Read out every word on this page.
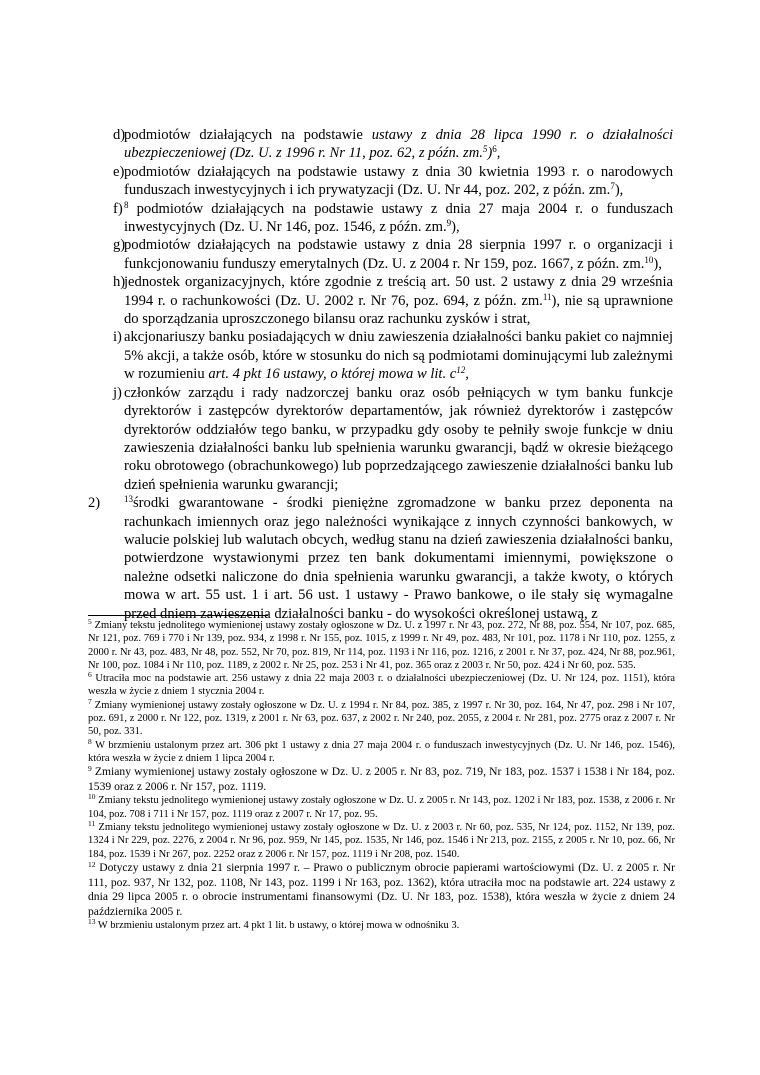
d)
podmiotów działających na podstawie ustawy z dnia 28 lipca 1990 r. o działalności ubezpieczeniowej (Dz. U. z 1996 r. Nr 11, poz. 62, z późn. zm.$^5$)$^6$,
e) podmiotów działających na podstawie ustawy z dnia 30 kwietnia 1993 r. o narodowych funduszach inwestycyjnych i ich prywatyzacji (Dz. U. Nr 44, poz. 202, z późn. zm.$^7$),
f) $^8$ podmiotów działających na podstawie ustawy z dnia 27 maja 2004 r. o funduszach inwestycyjnych (Dz. U. Nr 146, poz. 1546, z późn. zm.$^9$),
g)
podmiotów działających na podstawie ustawy z dnia 28 sierpnia 1997 r. o organizacji i funkcjonowaniu funduszy emerytalnych (Dz. U. z 2004 r. Nr 159, poz. 1667, z późn. zm.$^{10}$),
h)
jednostek organizacyjnych, które zgodnie z treścią art. 50 ust. 2 ustawy z dnia 29 września 1994 r. o rachunkowości (Dz. U. 2002 r. Nr 76, poz. 694, z późn. zm.$^{11}$), nie są uprawnione do sporządzania uproszczonego bilansu oraz rachunku zysków i strat,
i) akcjonariuszy banku posiadających w dniu zawieszenia działalności banku pakiet co najmniej 5% akcji, a także osób, które w stosunku do nich są podmiotami dominującymi lub zależnymi w rozumieniu art. 4 pkt 16 ustawy, o której mowa w lit. $c^{12}$,
j) członków zarządu i rady nadzorczej banku oraz osób pełniących w tym banku funkcje dyrektorów i zastępców dyrektorów departamentów, jak również dyrektorów i zastępców dyrektorów oddziałów tego banku, w przypadku gdy osoby te pełniły swoje funkcje w dniu zawieszenia działalności banku lub spełnienia warunku gwarancji, bądź w okresie bieżącego roku obrotowego (obrachunkowego) lub poprzedzającego zawieszenie działalności banku lub dzień spełnienia warunku gwarancji;
2)	$^{13}$środki gwarantowane - środki pieniężne zgromadzone w banku przez deponenta na rachunkach imiennych oraz jego należności wynikające z innych czynności bankowych, w walucie polskiej lub walutach obcych, według stanu na dzień zawieszenia działalności banku, potwierdzone wystawionymi przez ten bank dokumentami imiennymi, powiększone o należne odsetki naliczone do dnia spełnienia warunku gwarancji, a także kwoty, o których mowa w art. 55 ust. 1 i art. 56 ust. 1 ustawy - Prawo bankowe, o ile stały się wymagalne przed dniem zawieszenia działalności banku - do wysokości określonej ustawą, z

$^5$ Zmiany tekstu jednolitego wymienionej ustawy zostały ogłoszone w Dz. U. z 1997 r. Nr 43, poz. 272, Nr 88, poz. 554, Nr 107, poz. 685, Nr 121, poz. 769 i 770 i Nr 139, poz. 934, z 1998 r. Nr 155, poz. 1015, z 1999 r. Nr 49, poz. 483, Nr 101, poz. 1178 i Nr 110, poz. 1255, z 2000 r. Nr 43, poz. 483, Nr 48, poz. 552, Nr 70, poz. 819, Nr 114, poz. 1193 i Nr 116, poz. 1216, z 2001 r. Nr 37, poz. 424, Nr 88, poz.961, Nr 100, poz. 1084 i Nr 110, poz. 1189, z 2002 r. Nr 25, poz. 253 i Nr 41, poz. 365 oraz z 2003 r. Nr 50, poz. 424 i Nr 60, poz. 535.

$^6$ Utraciła moc na podstawie art. 256 ustawy z dnia 22 maja 2003 r. o działalności ubezpieczeniowej (Dz. U. Nr 124, poz. 1151), która weszła w życie z dniem 1 stycznia 2004 r.

$^7$ Zmiany wymienionej ustawy zostały ogłoszone w Dz. U. z 1994 r. Nr 84, poz. 385, z 1997 r. Nr 30, poz. 164, Nr 47, poz. 298 i Nr 107, poz. 691, z 2000 r. Nr 122, poz. 1319, z 2001 r. Nr 63, poz. 637, z 2002 r. Nr 240, poz. 2055, z 2004 r. Nr 281, poz. 2775 oraz z 2007 r. Nr 50, poz. 331.

$^8$ W brzmieniu ustalonym przez art. 306 pkt 1 ustawy z dnia 27 maja 2004 r. o funduszach inwestycyjnych (Dz. U. Nr 146, poz. 1546), która weszła w życie z dniem 1 lipca 2004 r.

$^9$ Zmiany wymienionej ustawy zostały ogłoszone w Dz. U. z 2005 r. Nr 83, poz. 719, Nr 183, poz. 1537 i 1538 i Nr 184, poz. 1539 oraz z 2006 r. Nr 157, poz. 1119.

$^{10}$ Zmiany tekstu jednolitego wymienionej ustawy zostały ogłoszone w Dz. U. z 2005 r. Nr 143, poz. 1202 i Nr 183, poz. 1538, z 2006 r. Nr 104, poz. 708 i 711 i Nr 157, poz. 1119 oraz z 2007 r. Nr 17, poz. 95.

$^{11}$ Zmiany tekstu jednolitego wymienionej ustawy zostały ogłoszone w Dz. U. z 2003 r. Nr 60, poz. 535, Nr 124, poz. 1152, Nr 139, poz. 1324 i Nr 229, poz. 2276, z 2004 r. Nr 96, poz. 959, Nr 145, poz. 1535, Nr 146, poz. 1546 i Nr 213, poz. 2155, z 2005 r. Nr 10, poz. 66, Nr 184, poz. 1539 i Nr 267, poz. 2252 oraz z 2006 r. Nr 157, poz. 1119 i Nr 208, poz. 1540.

$^{12}$ Dotyczy ustawy z dnia 21 sierpnia 1997 r. – Prawo o publicznym obrocie papierami wartościowymi (Dz. U. z 2005 r. Nr 111, poz. 937, Nr 132, poz. 1108, Nr 143, poz. 1199 i Nr 163, poz. 1362), która utraciła moc na podstawie art. 224 ustawy z dnia 29 lipca 2005 r. o obrocie instrumentami finansowymi (Dz. U. Nr 183, poz. 1538), która weszła w życie z dniem 24 października 2005 r.

$^{13}$ W brzmieniu ustalonym przez art. 4 pkt 1 lit. b ustawy, o której mowa w odnośniku 3.
